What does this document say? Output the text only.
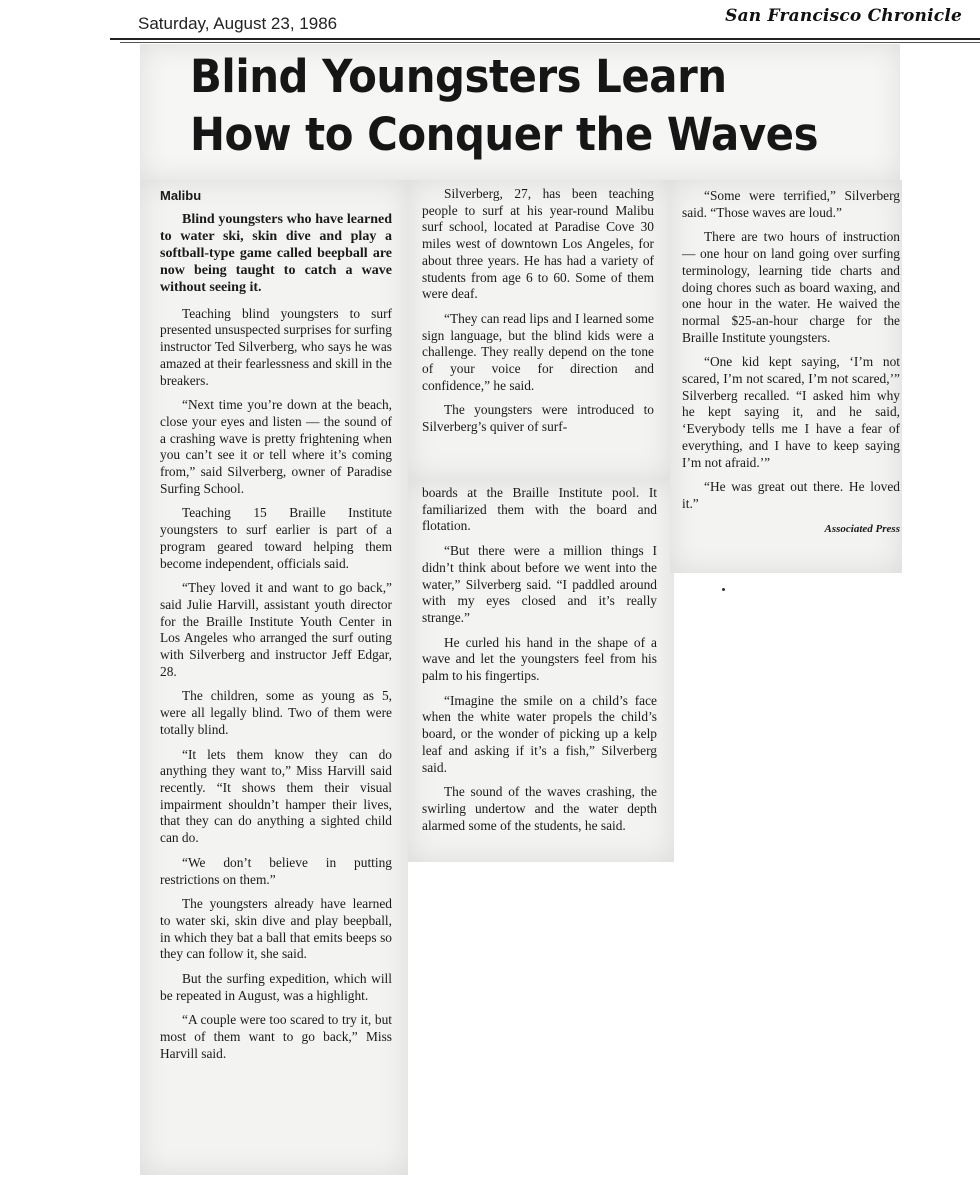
Saturday, August 23, 1986	San Francisco Chronicle
Blind Youngsters Learn
How to Conquer the Waves

Malibu

Blind youngsters who have learned to water ski, skin dive and play a softball-type game called beepball are now being taught to catch a wave without seeing it.

Teaching blind youngsters to surf presented unsuspected surprises for surfing instructor Ted Silverberg, who says he was amazed at their fearlessness and skill in the breakers.

“Next time you’re down at the beach, close your eyes and listen — the sound of a crashing wave is pretty frightening when you can’t see it or tell where it’s coming from,” said Silverberg, owner of Paradise Surfing School.

Teaching 15 Braille Institute youngsters to surf earlier is part of a program geared toward helping them become independent, officials said.

“They loved it and want to go back,” said Julie Harvill, assistant youth director for the Braille Institute Youth Center in Los Angeles who arranged the surf outing with Silverberg and instructor Jeff Edgar, 28.

The children, some as young as 5, were all legally blind. Two of them were totally blind.

“It lets them know they can do anything they want to,” Miss Harvill said recently. “It shows them their visual impairment shouldn’t hamper their lives, that they can do anything a sighted child can do.

“We don’t believe in putting restrictions on them.”

The youngsters already have learned to water ski, skin dive and play beepball, in which they bat a ball that emits beeps so they can follow it, she said.

But the surfing expedition, which will be repeated in August, was a highlight.

“A couple were too scared to try it, but most of them want to go back,” Miss Harvill said.

Silverberg, 27, has been teaching people to surf at his year-round Malibu surf school, located at Paradise Cove 30 miles west of downtown Los Angeles, for about three years. He has had a variety of students from age 6 to 60. Some of them were deaf.

“They can read lips and I learned some sign language, but the blind kids were a challenge. They really depend on the tone of your voice for direction and confidence,” he said.

The youngsters were introduced to Silverberg’s quiver of surf-

boards at the Braille Institute pool. It familiarized them with the board and flotation.

“But there were a million things I didn’t think about before we went into the water,” Silverberg said. “I paddled around with my eyes closed and it’s really strange.”

He curled his hand in the shape of a wave and let the youngsters feel from his palm to his fingertips.

“Imagine the smile on a child’s face when the white water propels the child’s board, or the wonder of picking up a kelp leaf and asking if it’s a fish,” Silverberg said.

The sound of the waves crashing, the swirling undertow and the water depth alarmed some of the students, he said.

“Some were terrified,” Silverberg said. “Those waves are loud.”

There are two hours of instruction — one hour on land going over surfing terminology, learning tide charts and doing chores such as board waxing, and one hour in the water. He waived the normal $25-an-hour charge for the Braille Institute youngsters.

“One kid kept saying, ‘I’m not scared, I’m not scared, I’m not scared,’” Silverberg recalled. “I asked him why he kept saying it, and he said, ‘Everybody tells me I have a fear of everything, and I have to keep saying I’m not afraid.’”

“He was great out there. He loved it.”

Associated Press
